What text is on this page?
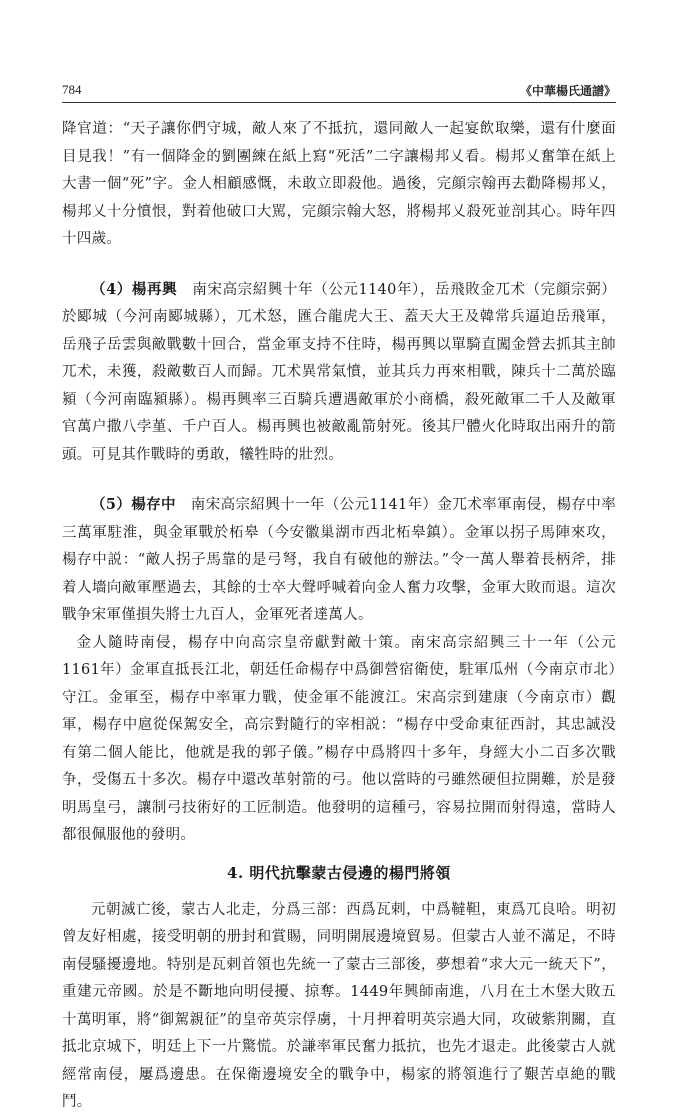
784	《中華楊氏通譜》

降官道：“天子讓你們守城，敵人來了不抵抗，還同敵人一起宴飲取樂，還有什麼面目見我！”有一個降金的劉團練在紙上寫“死活”二字讓楊邦乂看。楊邦乂奮筆在紙上大書一個“死”字。金人相顧感慨，未敢立即殺他。過後，完顔宗翰再去勸降楊邦乂，楊邦乂十分憤恨，對着他破口大駡，完顔宗翰大怒，將楊邦乂殺死並剖其心。時年四十四歲。

（4）楊再興　南宋高宗紹興十年（公元1140年），岳飛敗金兀术（完顔宗弼）於郾城（今河南郾城縣），兀术怒，匯合龍虎大王、蓋天大王及韓常兵逼迫岳飛軍，岳飛子岳雲與敵戰數十回合，當金軍支持不住時，楊再興以單騎直闖金營去抓其主帥兀术，未獲，殺敵數百人而歸。兀术異常氣憤，並其兵力再來相戰，陳兵十二萬於臨潁（今河南臨潁縣）。楊再興率三百騎兵遭遇敵軍於小商橋，殺死敵軍二千人及敵軍官萬户撒八孛堇、千户百人。楊再興也被敵亂箭射死。後其尸體火化時取出兩升的箭頭。可見其作戰時的勇敢，犧牲時的壯烈。

（5）楊存中　南宋高宗紹興十一年（公元1141年）金兀术率軍南侵，楊存中率三萬軍駐淮，與金軍戰於柘皋（今安徽巢湖市西北柘皋鎮）。金軍以拐子馬陣來攻，楊存中説：“敵人拐子馬靠的是弓弩，我自有破他的辦法。”令一萬人舉着長柄斧，排着人墻向敵軍壓過去，其餘的士卒大聲呼喊着向金人奮力攻擊，金軍大敗而退。這次戰争宋軍僅損失將士九百人，金軍死者達萬人。

金人隨時南侵，楊存中向高宗皇帝獻對敵十策。南宋高宗紹興三十一年（公元1161年）金軍直抵長江北，朝廷任命楊存中爲御營宿衛使，駐軍瓜州（今南京市北）守江。金軍至，楊存中率軍力戰，使金軍不能渡江。宋高宗到建康（今南京市）觀軍，楊存中扈從保駕安全，高宗對隨行的宰相説：“楊存中受命東征西討，其忠誠没有第二個人能比，他就是我的郭子儀。”楊存中爲將四十多年，身經大小二百多次戰争，受傷五十多次。楊存中還改革射箭的弓。他以當時的弓雖然硬但拉開難，於是發明馬皇弓，讓制弓技術好的工匠制造。他發明的這種弓，容易拉開而射得遠，當時人都很佩服他的發明。

4. 明代抗擊蒙古侵邊的楊門將領

元朝滅亡後，蒙古人北走，分爲三部：西爲瓦剌，中爲韃靼，東爲兀良哈。明初曾友好相處，接受明朝的册封和賞賜，同明開展邊境貿易。但蒙古人並不滿足，不時南侵騷擾邊地。特别是瓦剌首領也先統一了蒙古三部後，夢想着“求大元一統天下”，重建元帝國。於是不斷地向明侵擾、掠奪。1449年興師南進，八月在土木堡大敗五十萬明軍，將“御駕親征”的皇帝英宗俘虜，十月押着明英宗過大同，攻破紫荆關，直抵北京城下，明廷上下一片驚慌。於謙率軍民奮力抵抗，也先才退走。此後蒙古人就經常南侵，屢爲邊患。在保衛邊境安全的戰争中，楊家的將領進行了艱苦卓絶的戰鬥。
